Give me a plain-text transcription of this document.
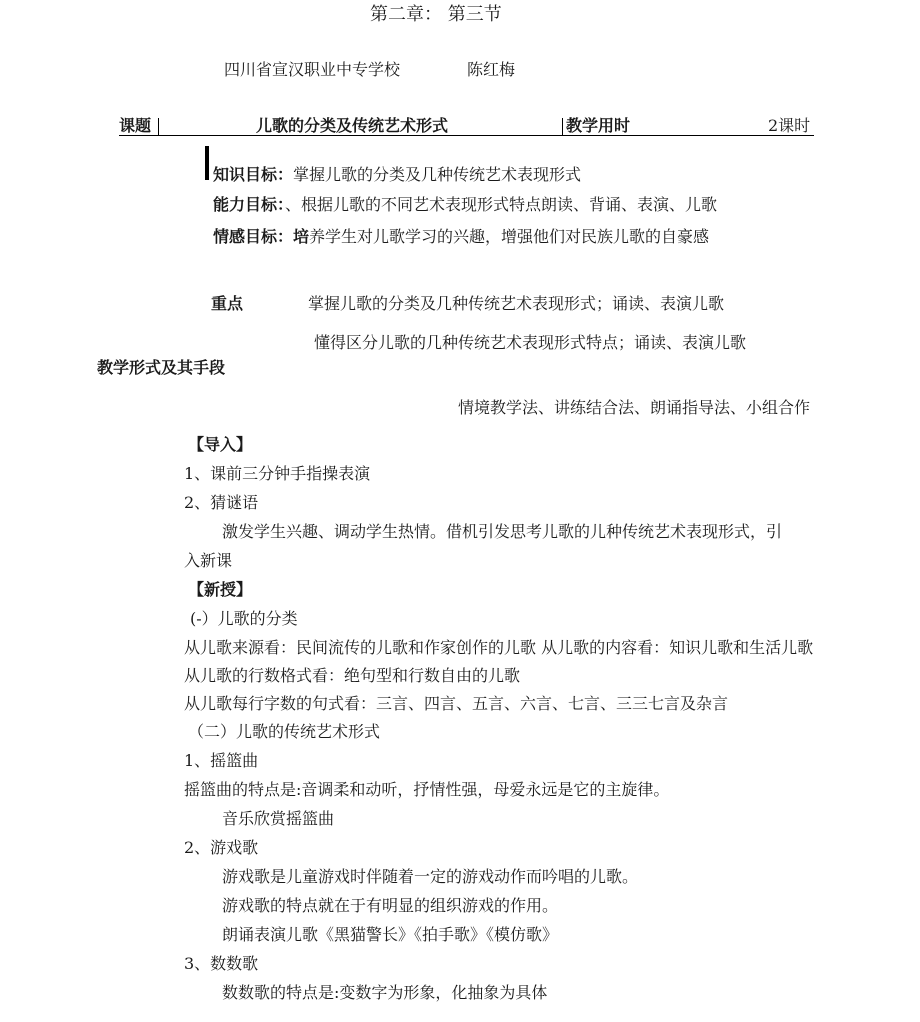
第二章： 第三节
四川省宣汉职业中专学校	陈红梅
课题	儿歌的分类及传统艺术形式	教学用时	2课时
知识目标：掌握儿歌的分类及几种传统艺术表现形式
能力目标：、根据儿歌的不同艺术表现形式特点朗读、背诵、表演、儿歌
情感目标：培养学生对儿歌学习的兴趣，增强他们对民族儿歌的自豪感
重点	掌握儿歌的分类及几种传统艺术表现形式；诵读、表演儿歌
懂得区分儿歌的几种传统艺术表现形式特点；诵读、表演儿歌
教学形式及其手段
情境教学法、讲练结合法、朗诵指导法、小组合作
【导入】
1、课前三分钟手指操表演
2、猜谜语
激发学生兴趣、调动学生热情。借机引发思考儿歌的儿种传统艺术表现形式，引
入新课
【新授】
(-）儿歌的分类
从儿歌来源看：民间流传的儿歌和作家创作的儿歌 从儿歌的内容看：知识儿歌和生活儿歌
从儿歌的行数格式看：绝句型和行数自由的儿歌
从儿歌每行字数的句式看：三言、四言、五言、六言、七言、三三七言及杂言
（二）儿歌的传统艺术形式
1、摇篮曲
摇篮曲的特点是:音调柔和动听，抒情性强，母爱永远是它的主旋律。
音乐欣赏摇篮曲
2、游戏歌
游戏歌是儿童游戏时伴随着一定的游戏动作而吟唱的儿歌。
游戏歌的特点就在于有明显的组织游戏的作用。
朗诵表演儿歌《黑猫警长》《拍手歌》《模仿歌》
3、数数歌
数数歌的特点是:变数字为形象，化抽象为具体
